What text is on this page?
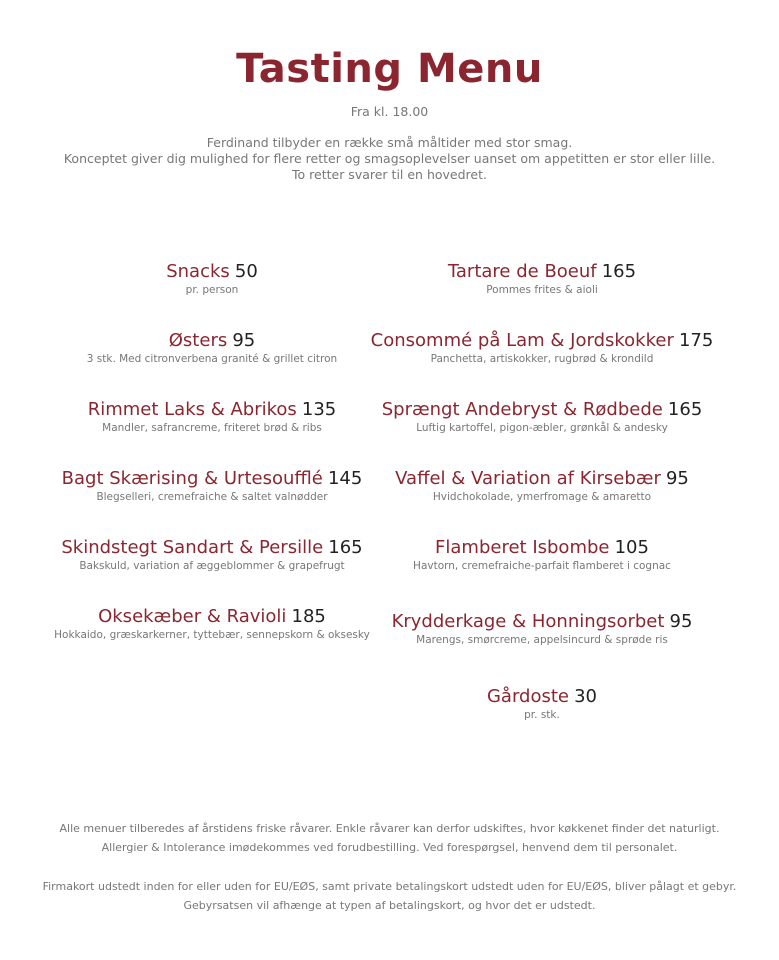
Tasting Menu
Fra kl. 18.00
Ferdinand tilbyder en række små måltider med stor smag.
Konceptet giver dig mulighed for flere retter og smagsoplevelser uanset om appetitten er stor eller lille.
To retter svarer til en hovedret.
Snacks 50
pr. person
Østers 95
3 stk. Med citronverbena granité & grillet citron
Rimmet Laks & Abrikos 135
Mandler, safrancreme, friteret brød & ribs
Bagt Skærising & Urtesoufflé 145
Blegselleri, cremefraiche & saltet valnødder
Skindstegt Sandart & Persille 165
Bakskuld, variation af æggeblommer & grapefrugt
Oksekæber & Ravioli 185
Hokkaido, græskarkerner, tyttebær, sennepskorn & oksesky
Tartare de Boeuf 165
Pommes frites & aioli
Consommé på Lam & Jordskokker 175
Panchetta, artiskokker, rugbrød & krondild
Sprængt Andebryst & Rødbede 165
Luftig kartoffel, pigon-æbler, grønkål & andesky
Vaffel & Variation af Kirsebær 95
Hvidchokolade, ymerfromage & amaretto
Flamberet Isbombe 105
Havtorn, cremefraiche-parfait flamberet i cognac
Krydderkage & Honningsorbet 95
Marengs, smørcreme, appelsincurd & sprøde ris
Gårdoste 30
pr. stk.
Alle menuer tilberedes af årstidens friske råvarer. Enkle råvarer kan derfor udskiftes, hvor køkkenet finder det naturligt.
Allergier & Intolerance imødekommes ved forudbestilling. Ved forespørgsel, henvend dem til personalet.
Firmakort udstedt inden for eller uden for EU/EØS, samt private betalingskort udstedt uden for EU/EØS, bliver pålagt et gebyr.
Gebyrsatsen vil afhænge at typen af betalingskort, og hvor det er udstedt.
